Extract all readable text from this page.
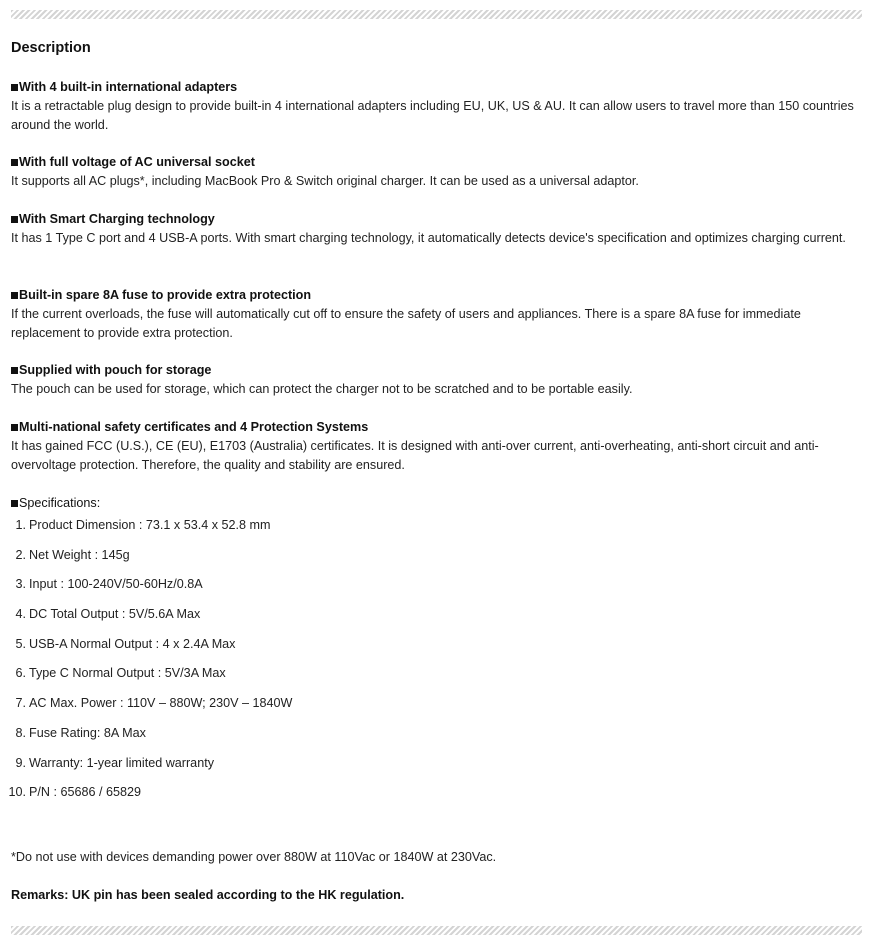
Description
With 4 built-in international adapters
It is a retractable plug design to provide built-in 4 international adapters including EU, UK, US & AU. It can allow users to travel more than 150 countries around the world.
With full voltage of AC universal socket
It supports all AC plugs*, including MacBook Pro & Switch original charger. It can be used as a universal adaptor.
With Smart Charging technology
It has 1 Type C port and 4 USB-A ports. With smart charging technology, it automatically detects device's specification and optimizes charging current.
Built-in spare 8A fuse to provide extra protection
If the current overloads, the fuse will automatically cut off to ensure the safety of users and appliances. There is a spare 8A fuse for immediate replacement to provide extra protection.
Supplied with pouch for storage
The pouch can be used for storage, which can protect the charger not to be scratched and to be portable easily.
Multi-national safety certificates and 4 Protection Systems
It has gained FCC (U.S.), CE (EU), E1703 (Australia) certificates. It is designed with anti-over current, anti-overheating, anti-short circuit and anti-overvoltage protection. Therefore, the quality and stability are ensured.
Specifications:
1. Product Dimension : 73.1 x 53.4 x 52.8 mm
2. Net Weight : 145g
3. Input : 100-240V/50-60Hz/0.8A
4. DC Total Output : 5V/5.6A Max
5. USB-A Normal Output : 4 x 2.4A Max
6. Type C Normal Output : 5V/3A Max
7. AC Max. Power : 110V – 880W; 230V – 1840W
8. Fuse Rating: 8A Max
9. Warranty: 1-year limited warranty
10. P/N : 65686 / 65829
*Do not use with devices demanding power over 880W at 110Vac or 1840W at 230Vac.
Remarks: UK pin has been sealed according to the HK regulation.
